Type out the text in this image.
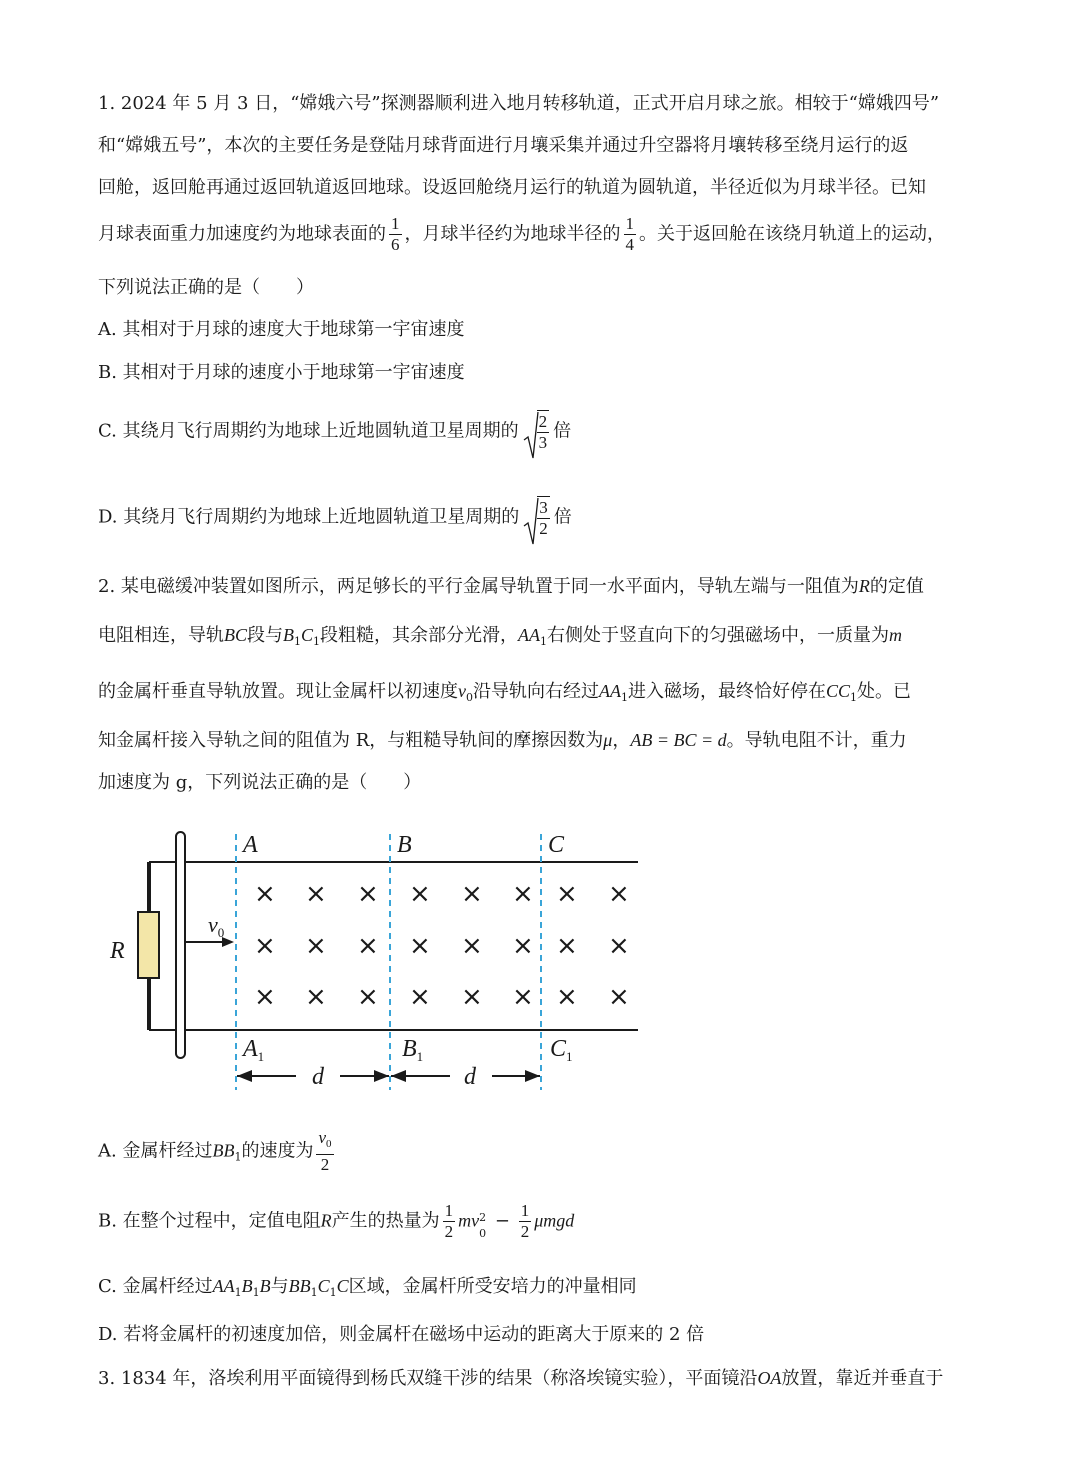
1. 2024 年 5 月 3 日，“嫦娥六号”探测器顺利进入地月转移轨道，正式开启月球之旅。相较于“嫦娥四号”
和“嫦娥五号”，本次的主要任务是登陆月球背面进行月壤采集并通过升空器将月壤转移至绕月运行的返
回舱，返回舱再通过返回轨道返回地球。设返回舱绕月运行的轨道为圆轨道，半径近似为月球半径。已知
月球表面重力加速度约为地球表面的 $\frac{1}{6}$ ，月球半径约为地球半径的 $\frac{1}{4}$ 。关于返回舱在该绕月轨道上的运动，
下列说法正确的是（　　）
A. 其相对于月球的速度大于地球第一宇宙速度
B. 其相对于月球的速度小于地球第一宇宙速度
C. 其绕月飞行周期约为地球上近地圆轨道卫星周期的 $\frac{2}{3}$ 倍
D. 其绕月飞行周期约为地球上近地圆轨道卫星周期的 $\frac{3}{2}$ 倍
2. 某电磁缓冲装置如图所示，两足够长的平行金属导轨置于同一水平面内，导轨左端与一阻值为R的定值
电阻相连，导轨BC段与$B_1C_1$段粗糙，其余部分光滑，$AA_1$右侧处于竖直向下的匀强磁场中，一质量为m
的金属杆垂直导轨放置。现让金属杆以初速度$v_0$沿导轨向右经过$AA_1$进入磁场，最终恰好停在$CC_1$处。已
知金属杆接入导轨之间的阻值为 R，与粗糙导轨间的摩擦因数为μ，AB = BC = d。导轨电阻不计，重力
加速度为 g，下列说法正确的是（　　）
R
$v_0$
A	B	C
$A_1$	$B_1$	$C_1$
d	d
× × × × × × × ×
× × × × × × × ×
× × × × × × × ×
A. 金属杆经过$BB_1$的速度为 $\frac{v_0}{2}$
B. 在整个过程中，定值电阻R产生的热量为 $\frac{1}{2}$ mv 2
0
− $\frac{1}{2}$ μmgd
C. 金属杆经过$AA_1B_1B$与$BB_1C_1C$区域，金属杆所受安培力的冲量相同
D. 若将金属杆的初速度加倍，则金属杆在磁场中运动的距离大于原来的 2 倍
3. 1834 年，洛埃利用平面镜得到杨氏双缝干涉的结果（称洛埃镜实验），平面镜沿OA放置，靠近并垂直于
